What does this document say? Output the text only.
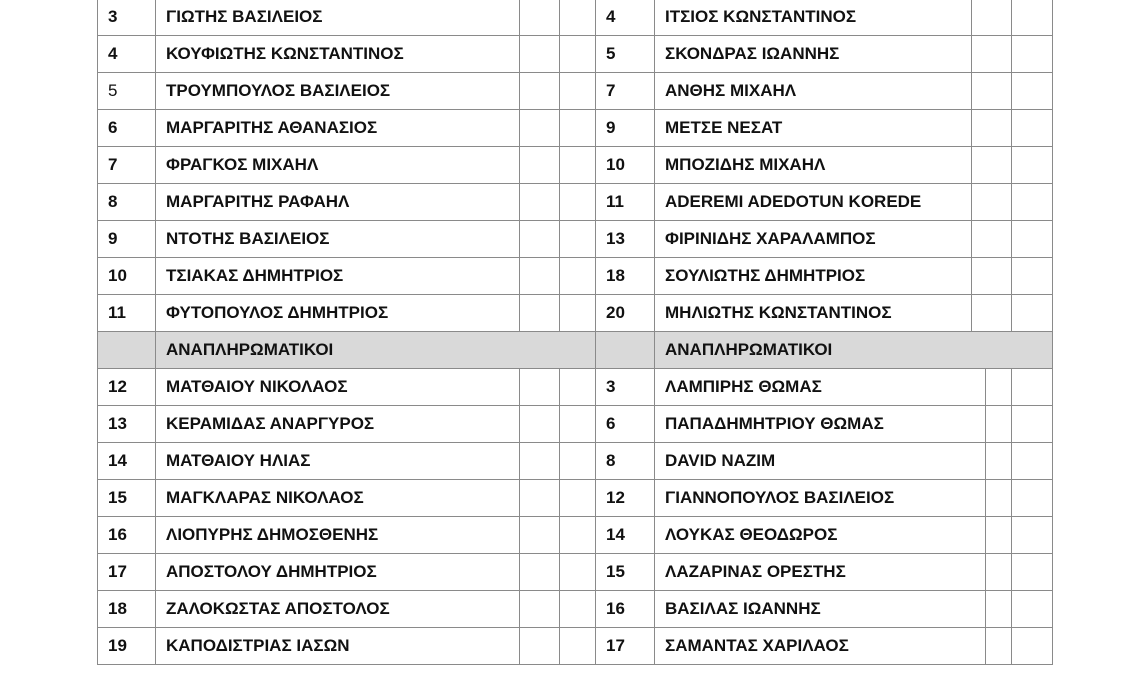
3	ΓΙΩΤΗΣ ΒΑΣΙΛΕΙΟΣ			4	ΙΤΣΙΟΣ ΚΩΝΣΤΑΝΤΙΝΟΣ			
4	ΚΟΥΦΙΩΤΗΣ ΚΩΝΣΤΑΝΤΙΝΟΣ			5	ΣΚΟΝΔΡΑΣ ΙΩΑΝΝΗΣ			
5	ΤΡΟΥΜΠΟΥΛΟΣ ΒΑΣΙΛΕΙΟΣ			7	ΑΝΘΗΣ ΜΙΧΑΗΛ			
6	ΜΑΡΓΑΡΙΤΗΣ ΑΘΑΝΑΣΙΟΣ			9	ΜΕΤΣΕ ΝΕΣΑΤ			
7	ΦΡΑΓΚΟΣ ΜΙΧΑΗΛ			10	ΜΠΟΖΙΔΗΣ ΜΙΧΑΗΛ			
8	ΜΑΡΓΑΡΙΤΗΣ ΡΑΦΑΗΛ			11	ADEREMI ADEDOTUN KOREDE			
9	ΝΤΟΤΗΣ ΒΑΣΙΛΕΙΟΣ			13	ΦΙΡΙΝΙΔΗΣ ΧΑΡΑΛΑΜΠΟΣ			
10	ΤΣΙΑΚΑΣ ΔΗΜΗΤΡΙΟΣ			18	ΣΟΥΛΙΩΤΗΣ ΔΗΜΗΤΡΙΟΣ			
11	ΦΥΤΟΠΟΥΛΟΣ ΔΗΜΗΤΡΙΟΣ			20	ΜΗΛΙΩΤΗΣ ΚΩΝΣΤΑΝΤΙΝΟΣ			
	ΑΝΑΠΛΗΡΩΜΑΤΙΚΟΙ				ΑΝΑΠΛΗΡΩΜΑΤΙΚΟΙ			
12	ΜΑΤΘΑΙΟΥ ΝΙΚΟΛΑΟΣ			3	ΛΑΜΠΙΡΗΣ ΘΩΜΑΣ			
13	ΚΕΡΑΜΙΔΑΣ ΑΝΑΡΓΥΡΟΣ			6	ΠΑΠΑΔΗΜΗΤΡΙΟΥ ΘΩΜΑΣ			
14	ΜΑΤΘΑΙΟΥ ΗΛΙΑΣ			8	DAVID NAZIM			
15	ΜΑΓΚΛΑΡΑΣ ΝΙΚΟΛΑΟΣ			12	ΓΙΑΝΝΟΠΟΥΛΟΣ ΒΑΣΙΛΕΙΟΣ			
16	ΛΙΟΠΥΡΗΣ ΔΗΜΟΣΘΕΝΗΣ			14	ΛΟΥΚΑΣ ΘΕΟΔΩΡΟΣ			
17	ΑΠΟΣΤΟΛΟΥ ΔΗΜΗΤΡΙΟΣ			15	ΛΑΖΑΡΙΝΑΣ ΟΡΕΣΤΗΣ			
18	ΖΑΛΟΚΩΣΤΑΣ ΑΠΟΣΤΟΛΟΣ			16	ΒΑΣΙΛΑΣ ΙΩΑΝΝΗΣ			
19	ΚΑΠΟΔΙΣΤΡΙΑΣ ΙΑΣΩΝ			17	ΣΑΜΑΝΤΑΣ ΧΑΡΙΛΑΟΣ			
